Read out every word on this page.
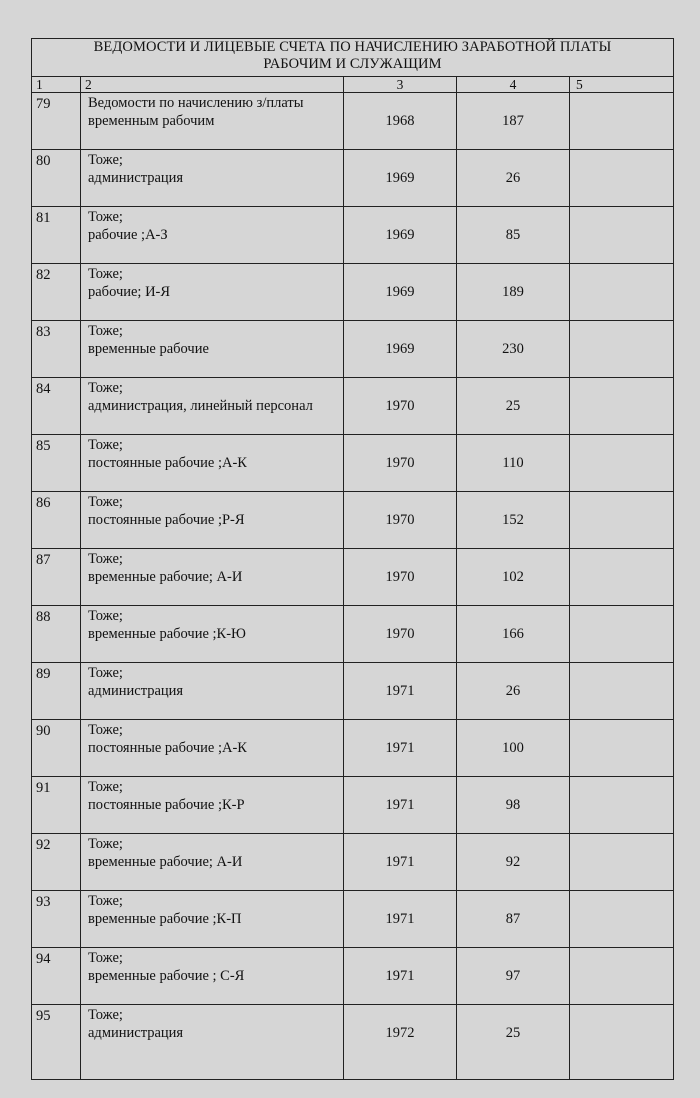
ВЕДОМОСТИ И ЛИЦЕВЫЕ СЧЕТА ПО НАЧИСЛЕНИЮ ЗАРАБОТНОЙ ПЛАТЫ
РАБОЧИМ И СЛУЖАЩИМ				

1	2	3	4	5
79	Ведомости по начислению з/платы
временным рабочим	1968	187	

80	Тоже;
администрация	1969	26	

81	Тоже;
рабочие ;А-З	1969	85	

82	Тоже;
рабочие; И-Я	1969	189	

83	Тоже;
временные рабочие	1969	230	

84	Тоже;
администрация, линейный персонал	1970	25	

85	Тоже;
постоянные рабочие ;А-К	1970	110	

86	Тоже;
постоянные рабочие ;Р-Я	1970	152	

87	Тоже;
временные рабочие; А-И	1970	102	

88	Тоже;
временные рабочие ;К-Ю	1970	166	

89	Тоже;
администрация	1971	26	

90	Тоже;
постоянные рабочие ;А-К	1971	100	

91	Тоже;
постоянные рабочие ;К-Р	1971	98	

92	Тоже;
временные рабочие; А-И	1971	92	

93	Тоже;
временные рабочие ;К-П	1971	87	

94	Тоже;
временные рабочие ; С-Я	1971	97	

95	Тоже;
администрация	1972	25	
